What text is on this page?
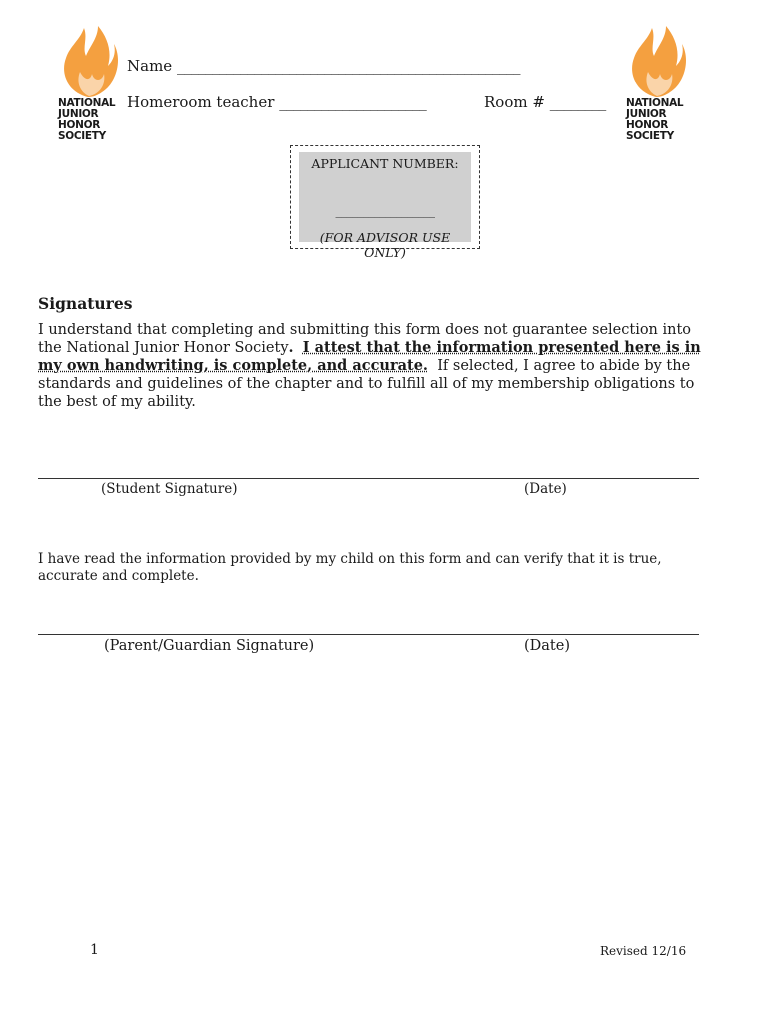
NATIONAL
JUNIOR
HONOR
SOCIETY
NATIONAL
JUNIOR
HONOR
SOCIETY
Name _________________________________________________
Homeroom teacher _____________________	Room # ________
APPLICANT NUMBER:
__________________
(FOR ADVISOR USE ONLY)
Signatures
I understand that completing and submitting this form does not guarantee selection into the National Junior Honor Society. I attest that the information presented here is in my own handwriting, is complete, and accurate. If selected, I agree to abide by the standards and guidelines of the chapter and to fulfill all of my membership obligations to the best of my ability.
(Student Signature)	(Date)
I have read the information provided by my child on this form and can verify that it is true, accurate and complete.
(Parent/Guardian Signature)	(Date)
1	Revised 12/16
